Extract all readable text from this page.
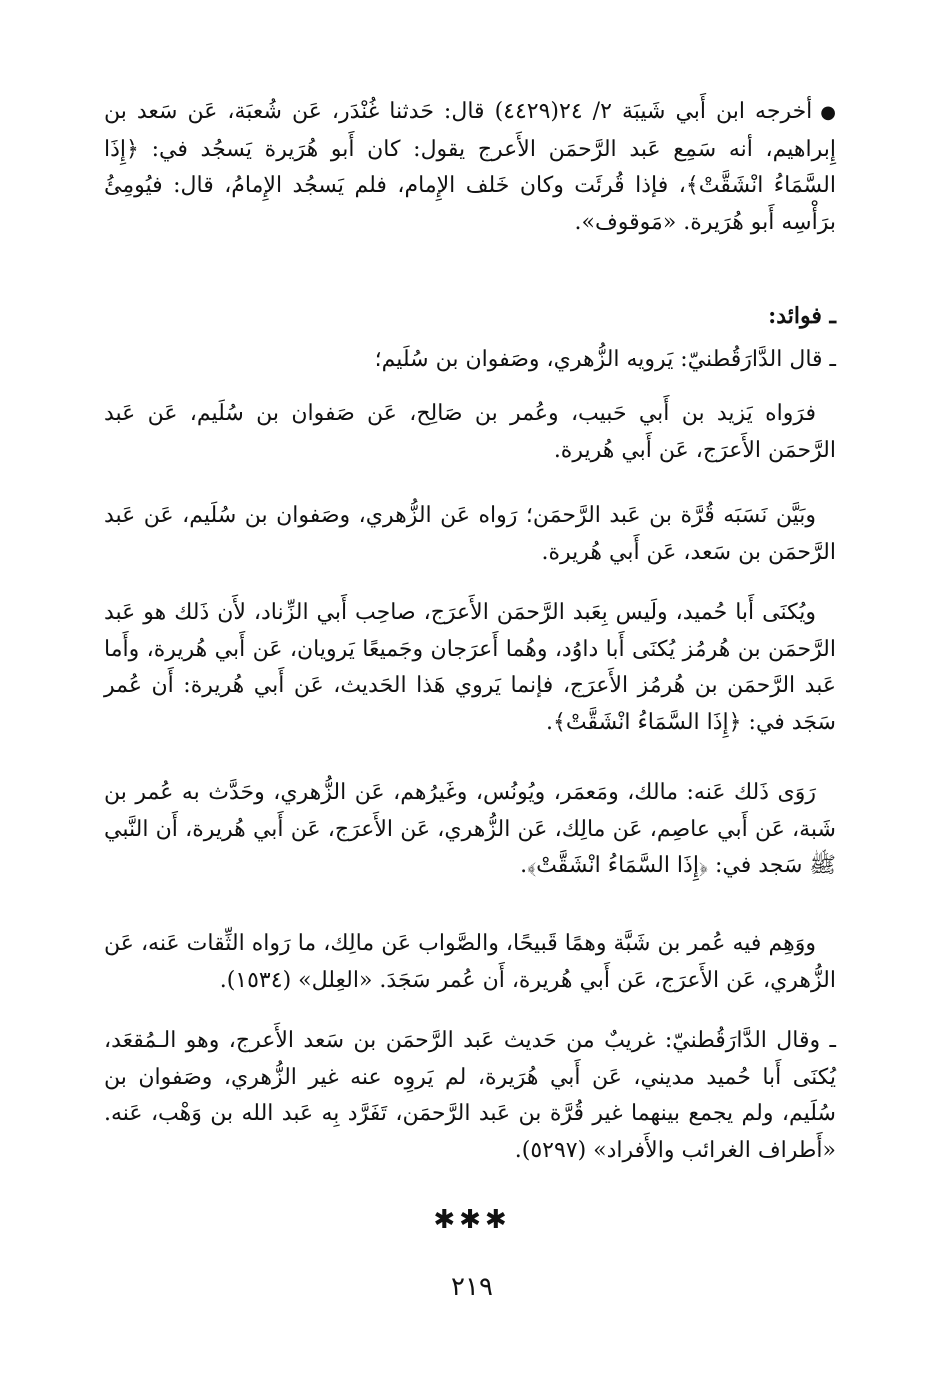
●أخرجه ابن أَبي شَيبَة ٢/ ٢٤(٤٤٢٩) قال: حَدثنا غُنْدَر، عَن شُعبَة، عَن سَعد بن إِبراهيم، أنه سَمِع عَبد الرَّحمَن الأَعرج يقول: كان أَبو هُرَيرة يَسجُد في: ﴿إِذَا السَّمَاءُ انْشَقَّتْ﴾، فإذا قُرئَت وكان خَلف الإِمام، فلم يَسجُد الإِمامُ، قال: فيُومِئُ برَأْسِه أَبو هُرَيرة. «مَوقوف».
ـ فوائد:
ـ قال الدَّارَقُطنيّ: يَرويه الزُّهري، وصَفوان بن سُلَيم؛
فرَواه يَزيد بن أَبي حَبيب، وعُمر بن صَالِح، عَن صَفوان بن سُلَيم، عَن عَبد الرَّحمَن الأَعرَج، عَن أَبي هُريرة.
وبَيَّن نَسَبَه قُرَّة بن عَبد الرَّحمَن؛ رَواه عَن الزُّهري، وصَفوان بن سُلَيم، عَن عَبد الرَّحمَن بن سَعد، عَن أَبي هُريرة.
ويُكنَى أَبا حُميد، ولَيس بِعَبد الرَّحمَن الأَعرَج، صاحِب أَبي الزِّناد، لأَن ذَلك هو عَبد الرَّحمَن بن هُرمُز يُكنَى أَبا داوُد، وهُما أَعرَجان وجَميعًا يَرويان، عَن أَبي هُريرة، وأَما عَبد الرَّحمَن بن هُرمُز الأَعرَج، فإنما يَروي هَذا الحَديث، عَن أَبي هُريرة: أَن عُمر سَجَد في: ﴿إِذَا السَّمَاءُ انْشَقَّتْ﴾.
رَوَى ذَلك عَنه: مالك، ومَعمَر، ويُونُس، وغَيرُهم، عَن الزُّهري، وحَدَّث به عُمر بن شَبة، عَن أَبي عاصِم، عَن مالِك، عَن الزُّهري، عَن الأَعرَج، عَن أَبي هُريرة، أَن النَّبي ﷺ سَجد في: ﴿إِذَا السَّمَاءُ انْشَقَّتْ﴾.
ووَهِم فيه عُمر بن شَبَّة وهمًا قَبيحًا، والصَّواب عَن مالِك، ما رَواه الثِّقات عَنه، عَن الزُّهري، عَن الأَعرَج، عَن أَبي هُريرة، أَن عُمر سَجَدَ. «العِلل» (١٥٣٤).
ـ وقال الدَّارَقُطنيّ: غريبٌ من حَديث عَبد الرَّحمَن بن سَعد الأَعرج، وهو الـمُقعَد، يُكنَى أَبا حُميد مديني، عَن أَبي هُرَيرة، لم يَروِه عنه غير الزُّهري، وصَفوان بن سُلَيم، ولم يجمع بينهما غير قُرَّة بن عَبد الرَّحمَن، تَفَرَّد بِه عَبد الله بن وَهْب، عَنه. «أَطراف الغرائب والأَفراد» (٥٢٩٧).
✱✱✱
٢١٩
